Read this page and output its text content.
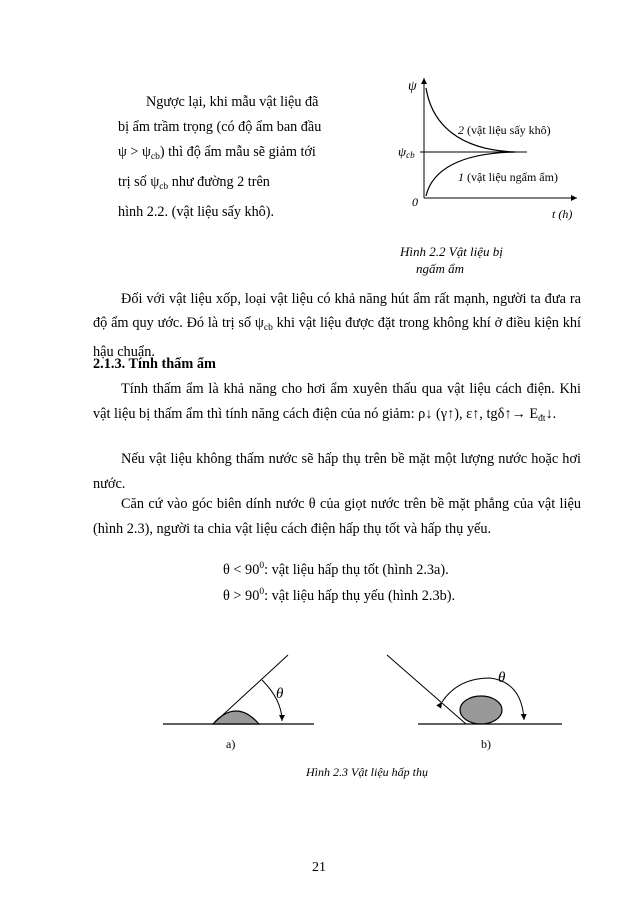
Ngược lại, khi mẫu vật liệu đã
bị ẩm trầm trọng (có độ ẩm ban đầu
$\psi > \psi_{cb}$) thì độ ẩm mẫu sẽ giảm tới
trị số $\psi_{cb}$ như đường 2 trên
hình 2.2. (vật liệu sấy khô).
ψ
ψcb
0
t (h)
2 (vật liệu sấy khô)
1 (vật liệu ngấm ẩm)
Hình 2.2 Vật liệu bị
ngấm ẩm
Đối với vật liệu xốp, loại vật liệu có khả năng hút ẩm rất mạnh, người ta đưa ra độ ẩm quy ước. Đó là trị số $\psi_{cb}$ khi vật liệu được đặt trong không khí ở điều kiện khí hậu chuẩn.
2.1.3. Tính thấm ẩm
Tính thấm ẩm là khả năng cho hơi ẩm xuyên thấu qua vật liệu cách điện. Khi vật liệu bị thấm ẩm thì tính năng cách điện của nó giảm: ρ↓ (γ↑), ε↑, tgδ↑→ $E_{đt}↓$.
Nếu vật liệu không thấm nước sẽ hấp thụ trên bề mặt một lượng nước hoặc hơi nước.
Căn cứ vào góc biên dính nước θ của giọt nước trên bề mặt phẳng của vật liệu (hình 2.3), người ta chia vật liệu cách điện hấp thụ tốt và hấp thụ yếu.
$\theta < 90^0$: vật liệu hấp thụ tốt (hình 2.3a).
$\theta > 90^0$: vật liệu hấp thụ yếu (hình 2.3b).
θ
a)
θ
b)
Hình 2.3 Vật liệu hấp thụ
21
